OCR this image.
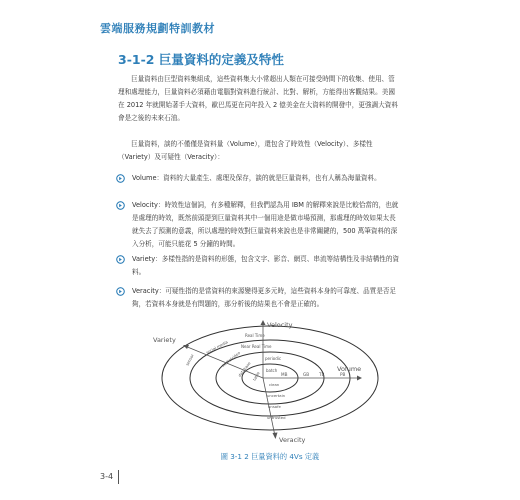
雲端服務規劃特訓教材
3-1-2 巨量資料的定義及特性

巨量資料由巨型資料集組成，這些資料集大小常超出人類在可接受時間下的收集、使用、管理和處理能力，巨量資料必須藉由電腦對資料進行統計、比對、解析，方能得出客觀結果。美國在 2012 年就開始著手大資料，歐巴馬更在同年投入 2 億美金在大資料的開發中，更強調大資料會是之後的未來石油。

巨量資料，談的不僅僅是資料量（Volume），還包含了時效性（Velocity）、多樣性（Variety）及可疑性（Veracity）：

Volume：資料的大量產生、處理及保存，談的就是巨量資料，也有人稱為海量資料。

Velocity：時效性這個詞，有多種解釋，但我們認為用 IBM 的解釋來說是比較恰當的，也就是處理的時效，既然前頭提到巨量資料其中一個用途是做市場預測，那處理的時效如果太長就失去了預測的意義，所以處理的時效對巨量資料來說也是非常關鍵的，500 萬筆資料的深入分析，可能只能花 5 分鐘的時間。

Variety：多樣性指的是資料的形態，包含文字、影音、網頁、串流等結構性及非結構性的資料。

Veracity：可疑性指的是當資料的來源變得更多元時，這些資料本身的可靠度、品質是否足夠，若資料本身就是有問題的，那分析後的結果也不會是正確的。

Velocity
Variety
Volume
Veracity
Real Time
Near Real Time
periodic
batch
sensor
social media
audio/video
database table	MB	GB TB	PB
clean
uncertain
unsafe
untrusted
圖 3-1 2 巨量資料的 4Vs 定義
3-4
